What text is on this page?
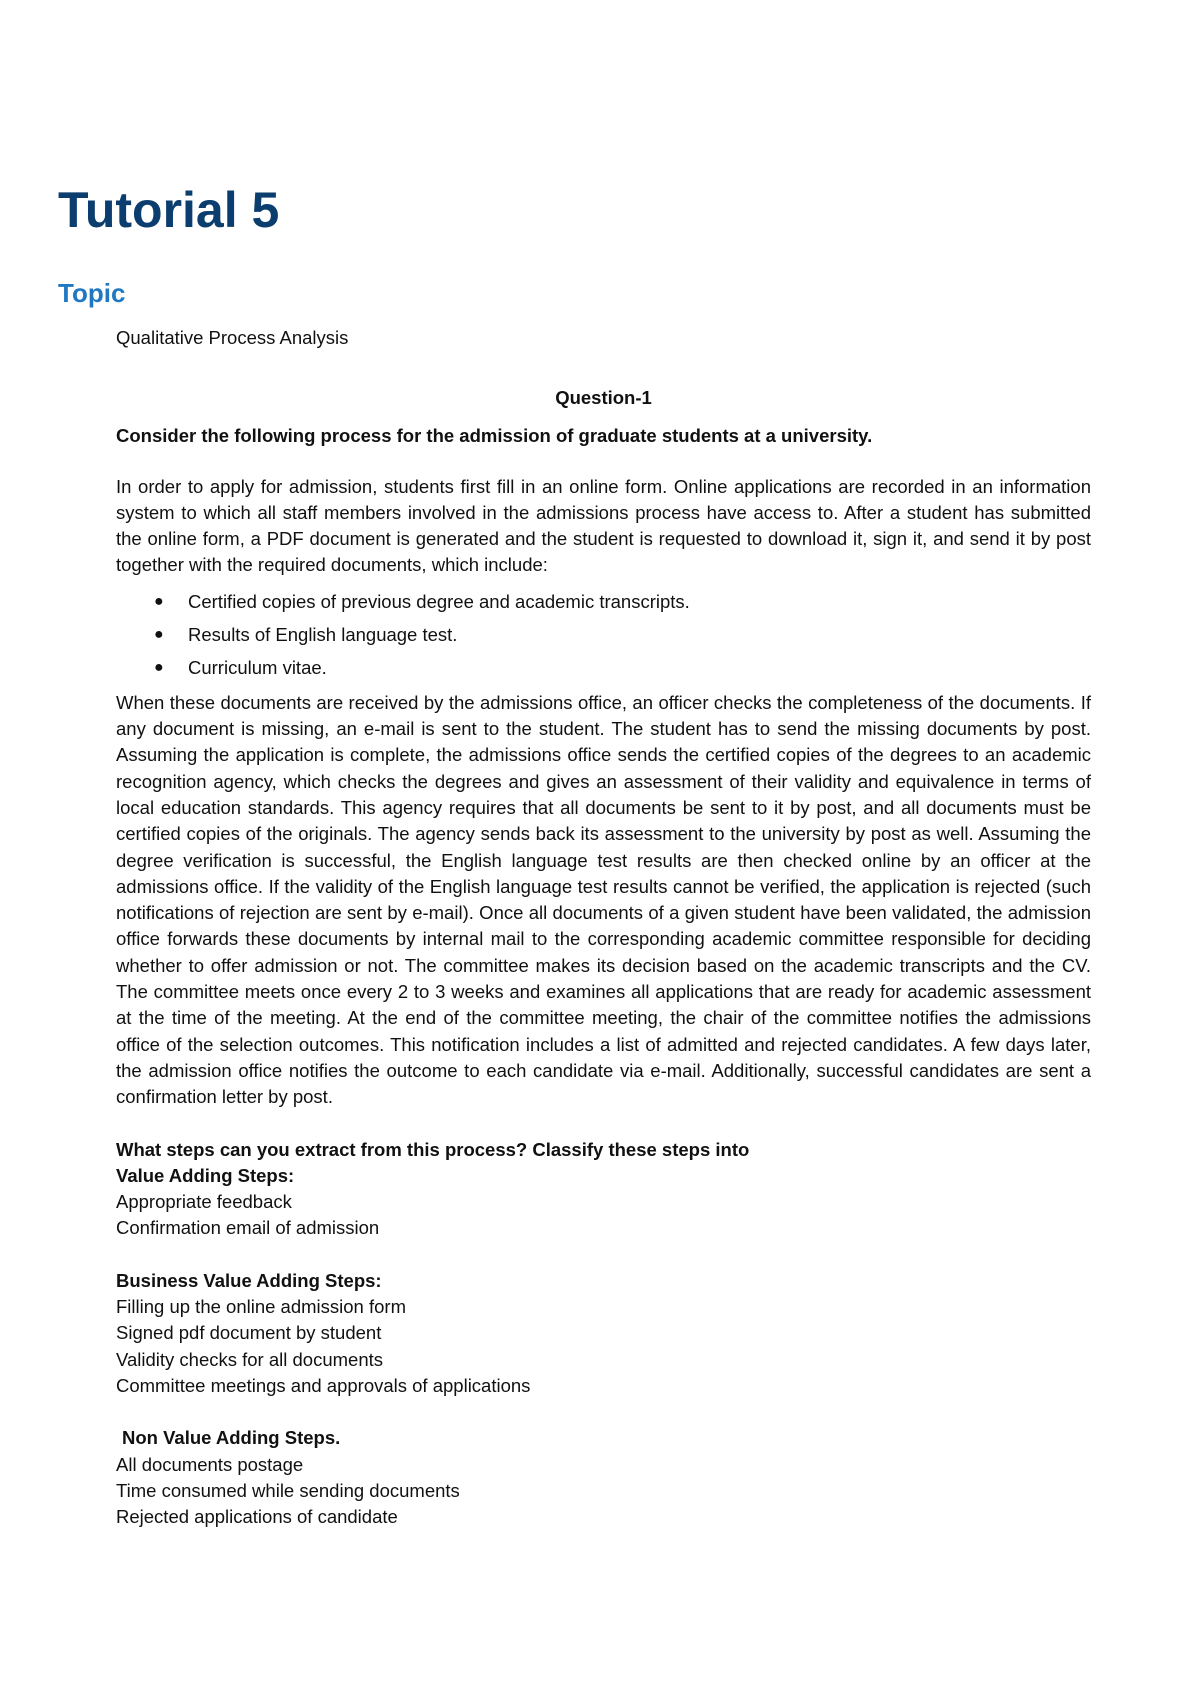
Tutorial 5
Topic

Qualitative Process Analysis

Question-1

Consider the following process for the admission of graduate students at a university.

In order to apply for admission, students first fill in an online form. Online applications are recorded in an information system to which all staff members involved in the admissions process have access to. After a student has submitted the online form, a PDF document is generated and the student is requested to download it, sign it, and send it by post together with the required documents, which include:

● Certified copies of previous degree and academic transcripts.
● Results of English language test.
● Curriculum vitae.

When these documents are received by the admissions office, an officer checks the completeness of the documents. If any document is missing, an e-mail is sent to the student. The student has to send the missing documents by post. Assuming the application is complete, the admissions office sends the certified copies of the degrees to an academic recognition agency, which checks the degrees and gives an assessment of their validity and equivalence in terms of local education standards. This agency requires that all documents be sent to it by post, and all documents must be certified copies of the originals. The agency sends back its assessment to the university by post as well. Assuming the degree verification is successful, the English language test results are then checked online by an officer at the admissions office. If the validity of the English language test results cannot be verified, the application is rejected (such notifications of rejection are sent by e-mail). Once all documents of a given student have been validated, the admission office forwards these documents by internal mail to the corresponding academic committee responsible for deciding whether to offer admission or not. The committee makes its decision based on the academic transcripts and the CV. The committee meets once every 2 to 3 weeks and examines all applications that are ready for academic assessment at the time of the meeting. At the end of the committee meeting, the chair of the committee notifies the admissions office of the selection outcomes. This notification includes a list of admitted and rejected candidates. A few days later, the admission office notifies the outcome to each candidate via e-mail. Additionally, successful candidates are sent a confirmation letter by post.

What steps can you extract from this process? Classify these steps into

Value Adding Steps:

Appropriate feedback
Confirmation email of admission

Business Value Adding Steps:

Filling up the online admission form
Signed pdf document by student
Validity checks for all documents
Committee meetings and approvals of applications

Non Value Adding Steps.

All documents postage
Time consumed while sending documents
Rejected applications of candidate
